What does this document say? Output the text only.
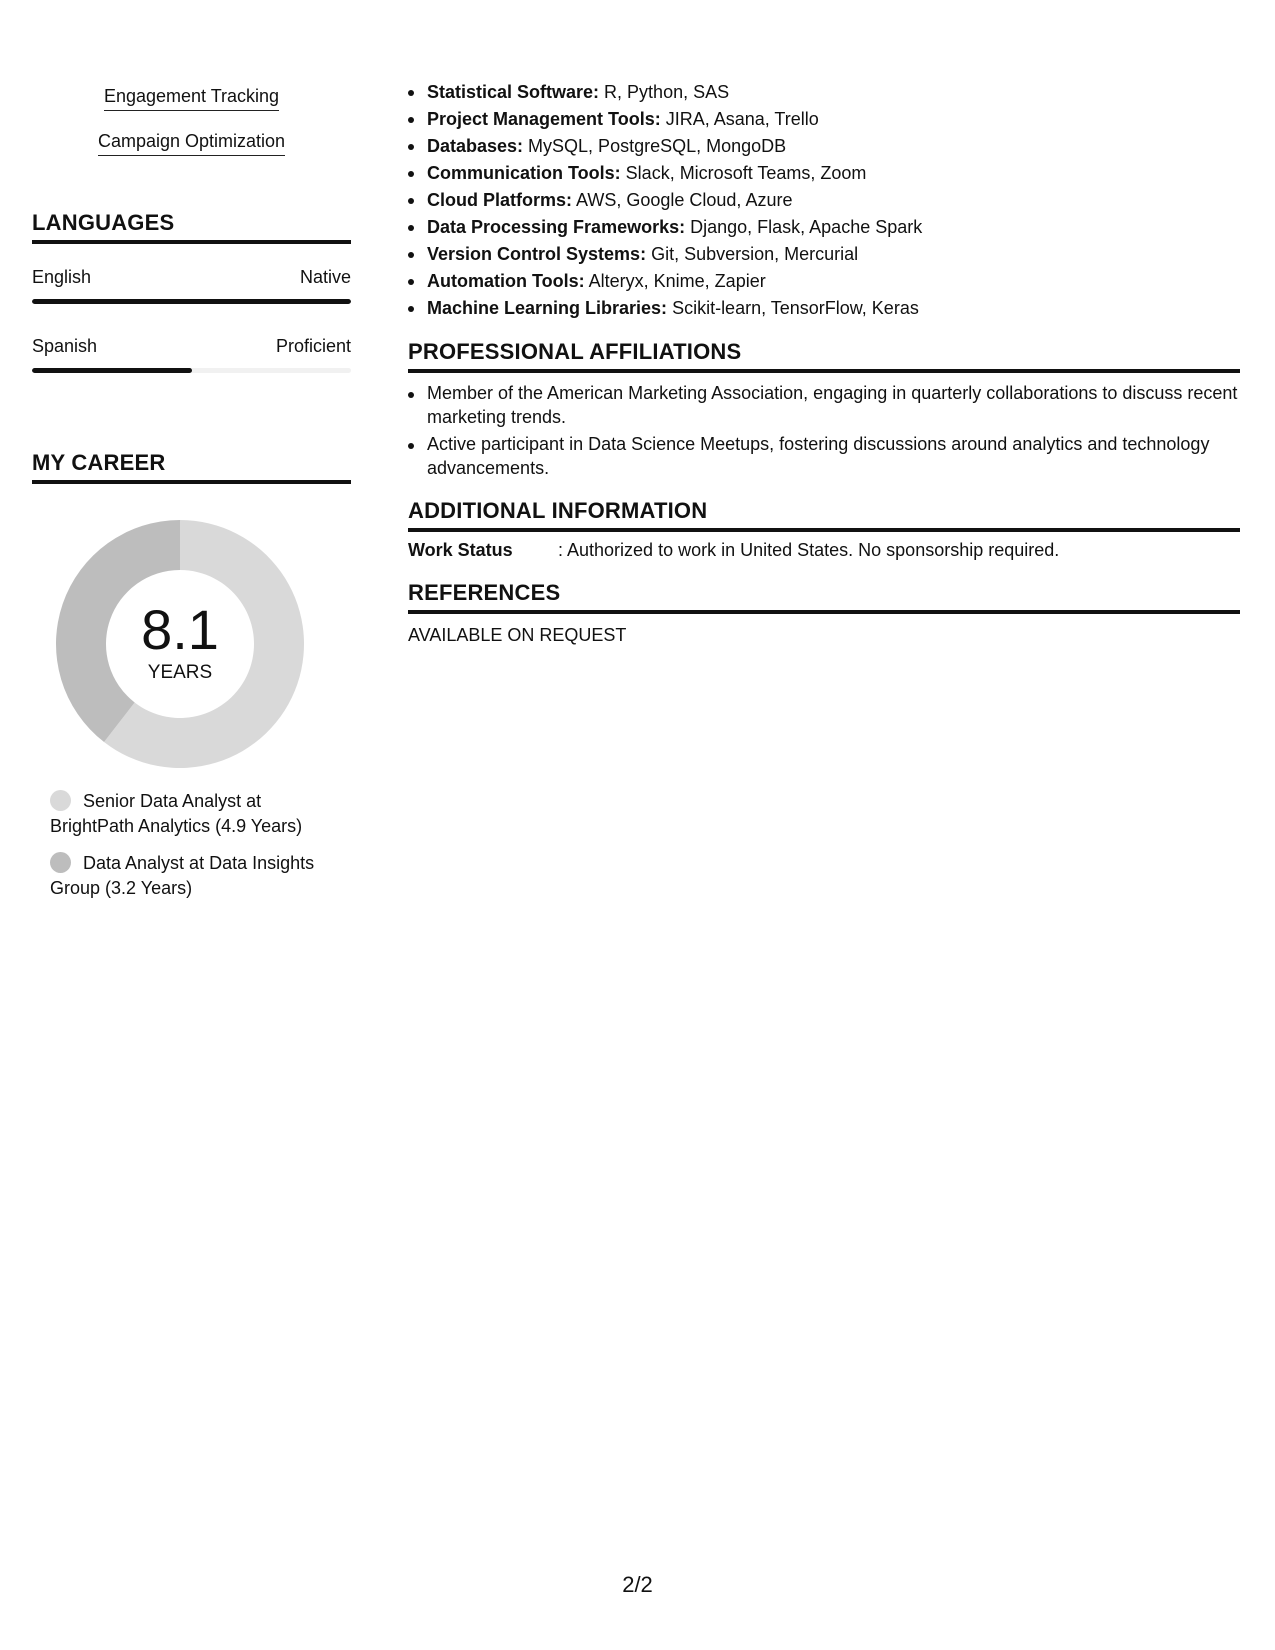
Engagement Tracking
Campaign Optimization
LANGUAGES
English	Native
Spanish	Proficient
MY CAREER
8.1
YEARS
Senior Data Analyst at BrightPath Analytics (4.9 Years)
Data Analyst at Data Insights Group (3.2 Years)
Statistical Software: R, Python, SAS
Project Management Tools: JIRA, Asana, Trello
Databases: MySQL, PostgreSQL, MongoDB
Communication Tools: Slack, Microsoft Teams, Zoom
Cloud Platforms: AWS, Google Cloud, Azure
Data Processing Frameworks: Django, Flask, Apache Spark
Version Control Systems: Git, Subversion, Mercurial
Automation Tools: Alteryx, Knime, Zapier
Machine Learning Libraries: Scikit-learn, TensorFlow, Keras
PROFESSIONAL AFFILIATIONS
Member of the American Marketing Association, engaging in quarterly collaborations to discuss recent marketing trends.
Active participant in Data Science Meetups, fostering discussions around analytics and technology advancements.
ADDITIONAL INFORMATION
Work Status	: Authorized to work in United States. No sponsorship required.
REFERENCES
AVAILABLE ON REQUEST
2/2
